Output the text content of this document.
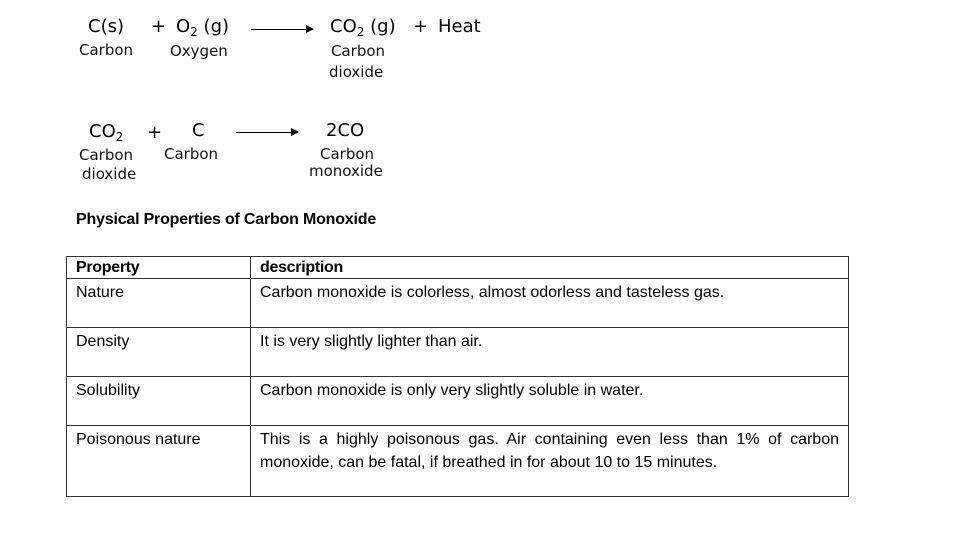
$C(s) + O_2$ (g)	$CO_2$ (g) + Heat
Carbon Oxygen	Carbon
dioxide
$CO_2 + C$	2CO
Carbon
dioxide
Carbon	Carbon
monoxide
Physical Properties of Carbon Monoxide
Property	description
Nature	Carbon monoxide is colorless, almost odorless and tasteless gas.
Density	It is very slightly lighter than air.
Solubility	Carbon monoxide is only very slightly soluble in water.
Poisonous nature	This is a highly poisonous gas. Air containing even less than 1% of carbon monoxide, can be fatal, if breathed in for about 10 to 15 minutes.
